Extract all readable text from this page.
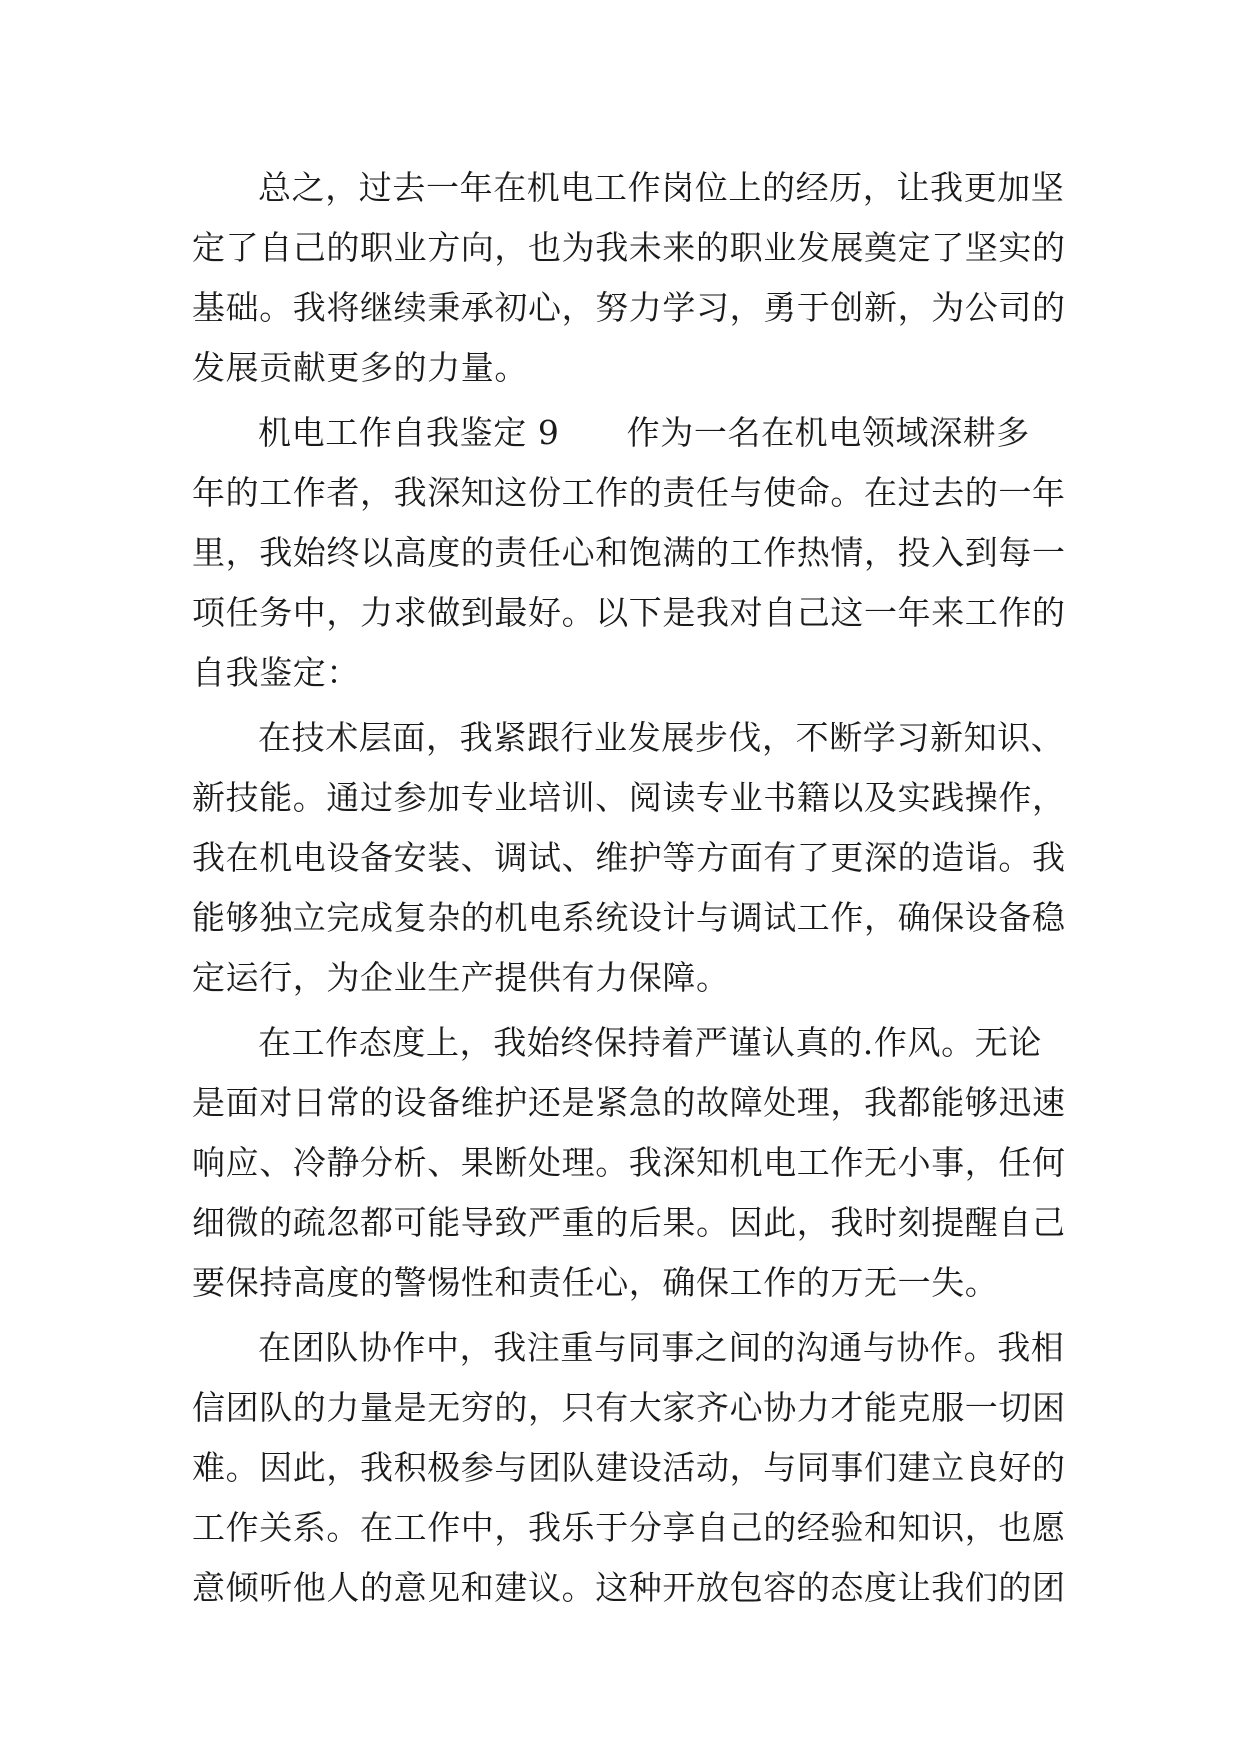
总之，过去一年在机电工作岗位上的经历，让我更加坚
定了自己的职业方向，也为我未来的职业发展奠定了坚实的
基础。我将继续秉承初心，努力学习，勇于创新，为公司的
发展贡献更多的力量。
机电工作自我鉴定 9　　作为一名在机电领域深耕多
年的工作者，我深知这份工作的责任与使命。在过去的一年
里，我始终以高度的责任心和饱满的工作热情，投入到每一
项任务中，力求做到最好。以下是我对自己这一年来工作的
自我鉴定：
在技术层面，我紧跟行业发展步伐，不断学习新知识、
新技能。通过参加专业培训、阅读专业书籍以及实践操作，
我在机电设备安装、调试、维护等方面有了更深的造诣。我
能够独立完成复杂的机电系统设计与调试工作，确保设备稳
定运行，为企业生产提供有力保障。
在工作态度上，我始终保持着严谨认真的.作风。无论
是面对日常的设备维护还是紧急的故障处理，我都能够迅速
响应、冷静分析、果断处理。我深知机电工作无小事，任何
细微的疏忽都可能导致严重的后果。因此，我时刻提醒自己
要保持高度的警惕性和责任心，确保工作的万无一失。
在团队协作中，我注重与同事之间的沟通与协作。我相
信团队的力量是无穷的，只有大家齐心协力才能克服一切困
难。因此，我积极参与团队建设活动，与同事们建立良好的
工作关系。在工作中，我乐于分享自己的经验和知识，也愿
意倾听他人的意见和建议。这种开放包容的态度让我们的团
